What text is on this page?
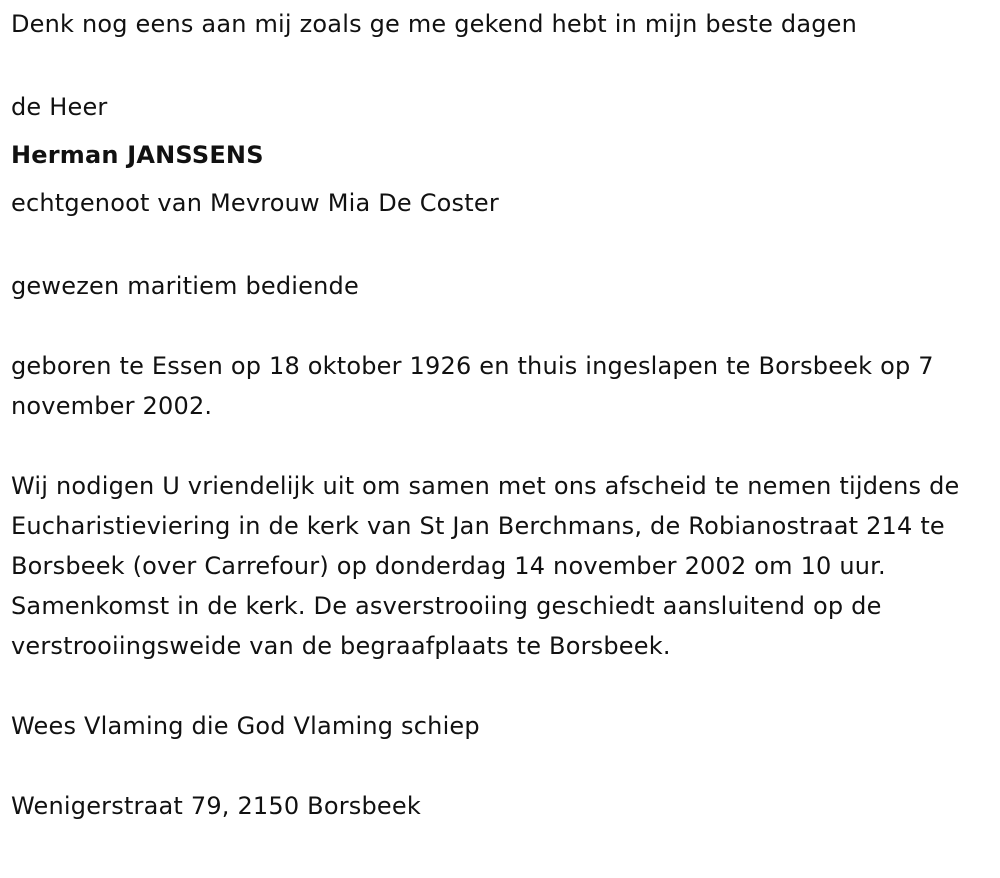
Denk nog eens aan mij zoals ge me gekend hebt in mijn beste dagen

de Heer

Herman JANSSENS

echtgenoot van Mevrouw Mia De Coster

gewezen maritiem bediende

geboren te Essen op 18 oktober 1926 en thuis ingeslapen te Borsbeek op 7 november 2002.

Wij nodigen U vriendelijk uit om samen met ons afscheid te nemen tijdens de Eucharistieviering in de kerk van St Jan Berchmans, de Robianostraat 214 te Borsbeek (over Carrefour) op donderdag 14 november 2002 om 10 uur. Samenkomst in de kerk. De asverstrooiing geschiedt aansluitend op de verstrooiingsweide van de begraafplaats te Borsbeek.

Wees Vlaming die God Vlaming schiep

Wenigerstraat 79, 2150 Borsbeek
